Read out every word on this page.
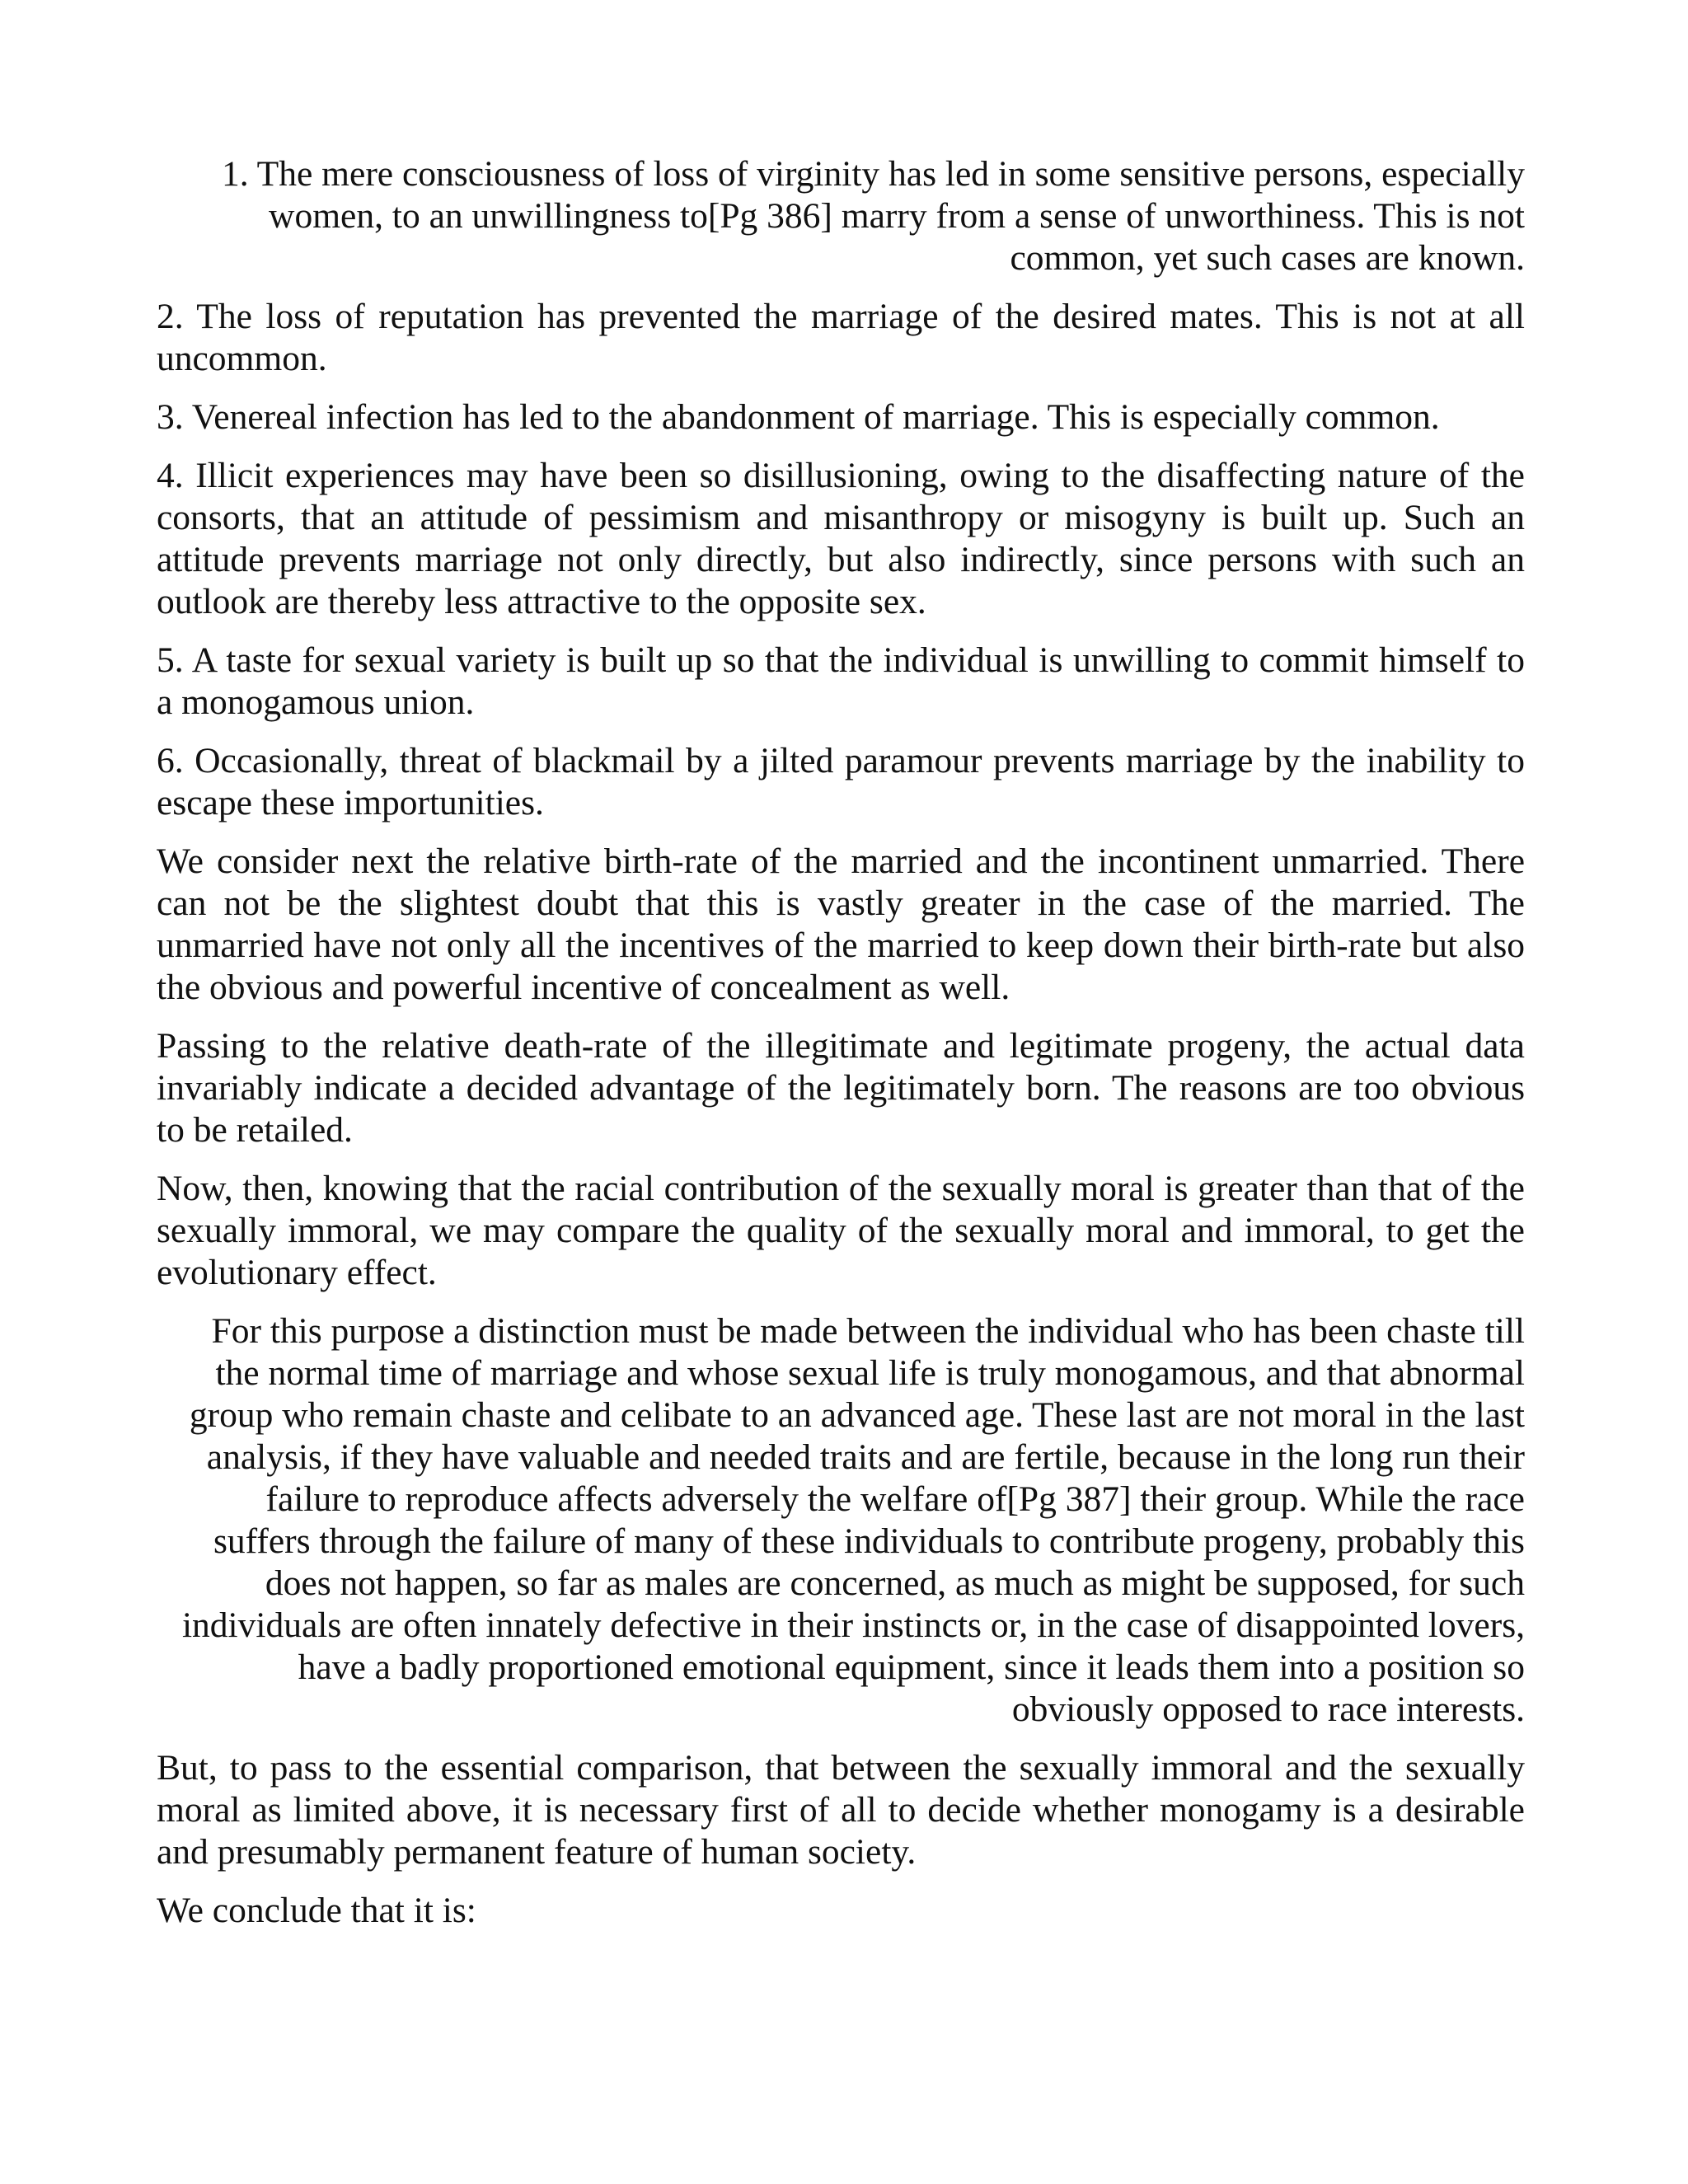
1. The mere consciousness of loss of virginity has led in some sensitive persons, especially women, to an unwillingness to[Pg 386] marry from a sense of unworthiness. This is not common, yet such cases are known.

2. The loss of reputation has prevented the marriage of the desired mates. This is not at all uncommon.

3. Venereal infection has led to the abandonment of marriage. This is especially common.

4. Illicit experiences may have been so disillusioning, owing to the disaffecting nature of the consorts, that an attitude of pessimism and misanthropy or misogyny is built up. Such an attitude prevents marriage not only directly, but also indirectly, since persons with such an outlook are thereby less attractive to the opposite sex.

5. A taste for sexual variety is built up so that the individual is unwilling to commit himself to a monogamous union.

6. Occasionally, threat of blackmail by a jilted paramour prevents marriage by the inability to escape these importunities.

We consider next the relative birth-rate of the married and the incontinent unmarried. There can not be the slightest doubt that this is vastly greater in the case of the married. The unmarried have not only all the incentives of the married to keep down their birth-rate but also the obvious and powerful incentive of concealment as well.

Passing to the relative death-rate of the illegitimate and legitimate progeny, the actual data invariably indicate a decided advantage of the legitimately born. The reasons are too obvious to be retailed.

Now, then, knowing that the racial contribution of the sexually moral is greater than that of the sexually immoral, we may compare the quality of the sexually moral and immoral, to get the evolutionary effect.

For this purpose a distinction must be made between the individual who has been chaste till the normal time of marriage and whose sexual life is truly monogamous, and that abnormal group who remain chaste and celibate to an advanced age. These last are not moral in the last analysis, if they have valuable and needed traits and are fertile, because in the long run their failure to reproduce affects adversely the welfare of[Pg 387] their group. While the race suffers through the failure of many of these individuals to contribute progeny, probably this does not happen, so far as males are concerned, as much as might be supposed, for such individuals are often innately defective in their instincts or, in the case of disappointed lovers, have a badly proportioned emotional equipment, since it leads them into a position so obviously opposed to race interests.

But, to pass to the essential comparison, that between the sexually immoral and the sexually moral as limited above, it is necessary first of all to decide whether monogamy is a desirable and presumably permanent feature of human society.

We conclude that it is:
